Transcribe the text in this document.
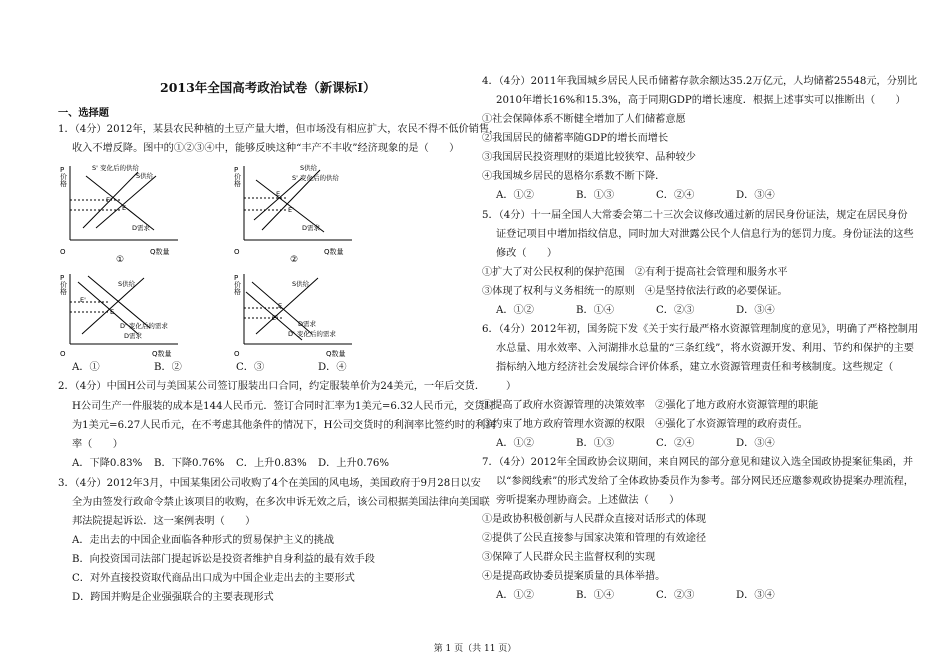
2013年全国高考政治试卷（新课标Ⅰ）
一、选择题
1．（4分）2012年，某县农民种植的土豆产量大增，但市场没有相应扩大，农民不得不低价销售，
收入不增反降。图中的①②③④中，能够反映这种“丰产不丰收”经济现象的是（　　）
P 价格
O	Q数量
S' 变化后的供给
S供给
E'
E
D需求
①
P 价格
O	Q数量
S供给
S' 变化后的供给
E
E'
D需求
②
P 价格
O	Q数量
S供给
E'
E
D' 变化后的需求
D需求
P 价格
O	Q数量
S供给
E
E'
D需求
D' 变化后的需求
A．①	B．②	C．③	D．④
2．（4分）中国H公司与美国某公司签订服装出口合同，约定服装单价为24美元，一年后交货．
H公司生产一件服装的成本是144人民币元．签订合同时汇率为1美元=6.32人民币元，交货时
为1美元=6.27人民币元，在不考虑其他条件的情况下，H公司交货时的利润率比签约时的利润
率（　　）
A．下降0.83%	B．下降0.76%	C．上升0.83%	D．上升0.76%
3．（4分）2012年3月，中国某集团公司收购了4个在美国的风电场，美国政府于9月28日以安
全为由签发行政命令禁止该项目的收购，在多次申诉无效之后，该公司根据美国法律向美国联
邦法院提起诉讼．这一案例表明（　　）
A．走出去的中国企业面临各种形式的贸易保护主义的挑战
B．向投资国司法部门提起诉讼是投资者维护自身利益的最有效手段
C．对外直接投资取代商品出口成为中国企业走出去的主要形式
D．跨国并购是企业强强联合的主要表现形式
4．（4分）2011年我国城乡居民人民币储蓄存款余额达35.2万亿元，人均储蓄25548元，分别比
2010年增长16%和15.3%，高于同期GDP的增长速度．根据上述事实可以推断出（　　）
①社会保障体系不断健全增加了人们储蓄意愿
②我国居民的储蓄率随GDP的增长而增长
③我国居民投资理财的渠道比较狭窄、品种较少
④我国城乡居民的恩格尔系数不断下降．
A．①②	B．①③	C．②④	D．③④
5．（4分）十一届全国人大常委会第二十三次会议修改通过新的居民身份证法，规定在居民身份
证登记项目中增加指纹信息，同时加大对泄露公民个人信息行为的惩罚力度。身份证法的这些
修改（　　）
①扩大了对公民权利的保护范围　②有利于提高社会管理和服务水平
③体现了权利与义务相统一的原则　④是坚持依法行政的必要保证。
A．①②	B．①④	C．②③	D．③④
6．（4分）2012年初，国务院下发《关于实行最严格水资源管理制度的意见》，明确了严格控制用
水总量、用水效率、入河湖排水总量的“三条红线”，将水资源开发、利用、节约和保护的主要
指标纳入地方经济社会发展综合评价体系，建立水资源管理责任和考核制度。这些规定（
）
①提高了政府水资源管理的决策效率　②强化了地方政府水资源管理的职能
③约束了地方政府管理水资源的权限　④强化了水资源管理的政府责任。
A．①②	B．①③	C．②④	D．③④
7．（4分）2012年全国政协会议期间，来自网民的部分意见和建议入选全国政协提案征集函，并
以“参阅线索”的形式发给了全体政协委员作为参考。部分网民还应邀参观政协提案办理流程，
旁听提案办理协商会。上述做法（　　）
①是政协积极创新与人民群众直接对话形式的体现
②提供了公民直接参与国家决策和管理的有效途径
③保障了人民群众民主监督权利的实现
④是提高政协委员提案质量的具体举措。
A．①②	B．①④	C．②③	D．③④
第 1 页（共 11 页）
